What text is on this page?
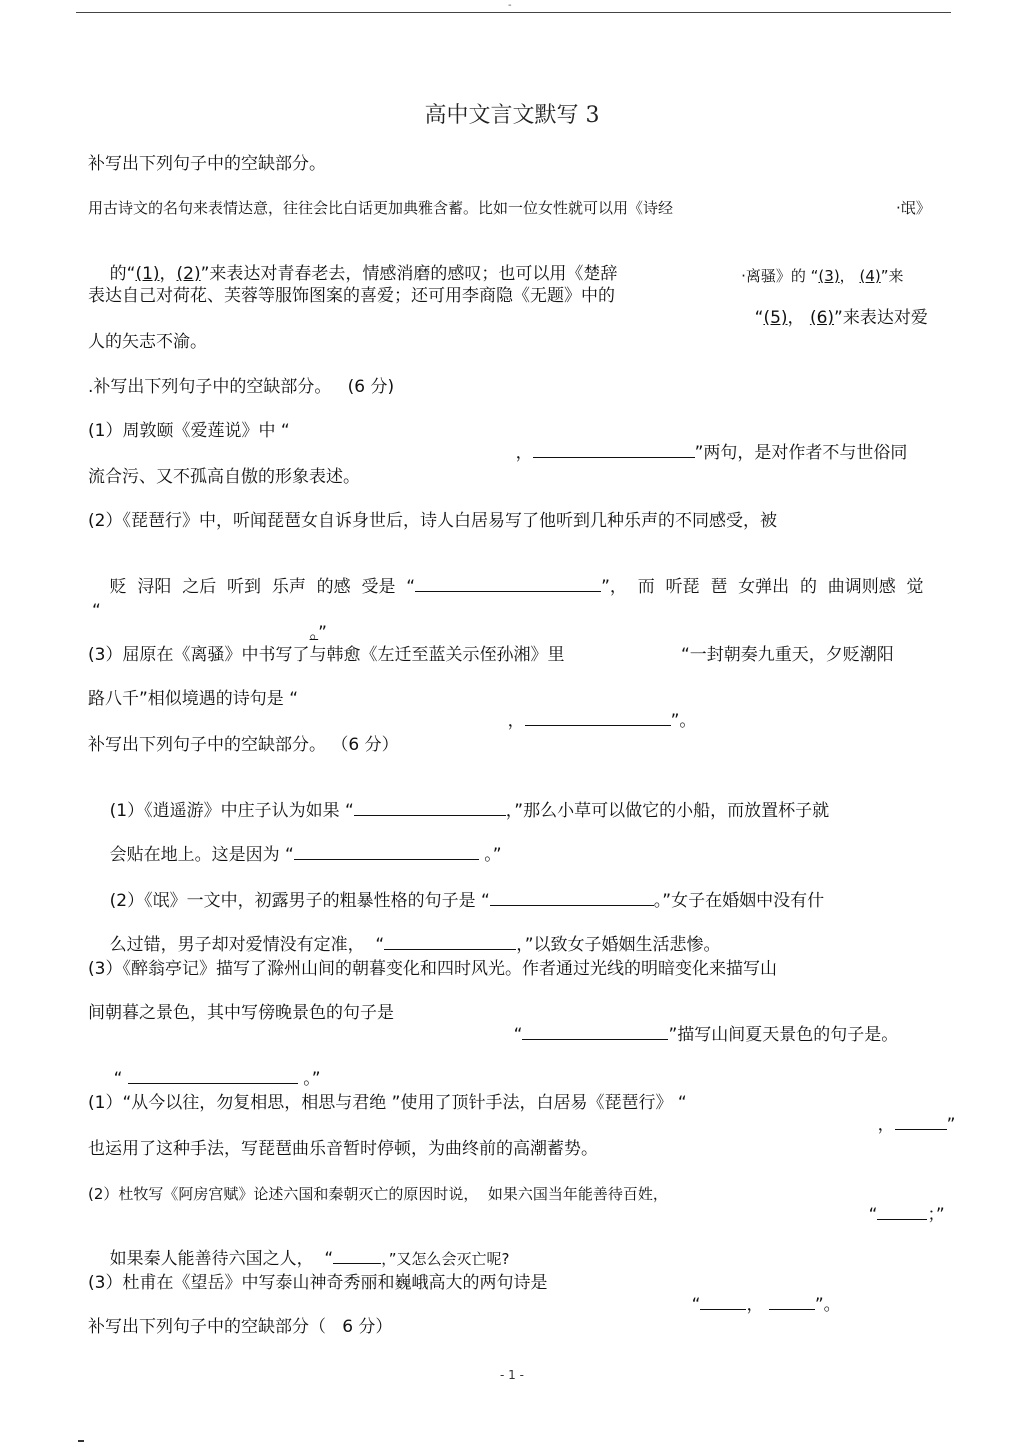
-
高中文言文默写 3
补写出下列句子中的空缺部分。
用古诗文的名句来表情达意，往往会比白话更加典雅含蓄。比如一位女性就可以用《诗经	·氓》

的“(1)，(2)”来表达对青春老去，情感消磨的感叹；也可以用《楚辞
	·离骚》的 “(3)， (4)”来

表达自己对荷花、芙蓉等服饰图案的喜爱；还可用李商隐《无题》中的

“(5)， (6)”来表达对爱

人的矢志不渝。
.补写出下列句子中的空缺部分。   (6 分)
(1）周敦颐《爱莲说》中 “

，	”两句，是对作者不与世俗同

流合污、又不孤高自傲的形象表述。
(2）《琵琶行》中，听闻琵琶女自诉身世后，诗人白居易写了他听到几种乐声的不同感受，被

贬  浔阳  之后  听到  乐声  的感  受是  “	”，  而  听琵  琶  女弹出  的  曲调则感  觉

“

。”

(3）屈原在《离骚》中书写了与韩愈《左迁至蓝关示侄孙湘》里	“一封朝奏九重天，夕贬潮阳
路八千”相似境遇的诗句是 “

，	”。

补写出下列句子中的空缺部分。 （6 分）

(1）《逍遥游》中庄子认为如果 “	，”那么小草可以做它的小船，而放置杯子就

会贴在地上。这是因为 “	。”

(2）《氓》一文中，初露男子的粗暴性格的句子是 “	。”女子在婚姻中没有什

么过错，男子却对爱情没有定准，  “	，”以致女子婚姻生活悲惨。

(3）《醉翁亭记》描写了滁州山间的朝暮变化和四时风光。作者通过光线的明暗变化来描写山
间朝暮之景色，其中写傍晚景色的句子是

“	”描写山间夏天景色的句子是。

“	。”

(1）“从今以往，勿复相思，相思与君绝 ”使用了顶针手法，白居易《琵琶行》 “

，	”

也运用了这种手法，写琵琶曲乐音暂时停顿，为曲终前的高潮蓄势。
(2）杜牧写《阿房宫赋》论述六国和秦朝灭亡的原因时说，  如果六国当年能善待百姓，

“	；”

如果秦人能善待六国之人，  “	，”又怎么会灭亡呢?

(3）杜甫在《望岳》中写泰山神奇秀丽和巍峨高大的两句诗是

“	，	”。

补写出下列句子中的空缺部分（   6 分）
- 1 -
